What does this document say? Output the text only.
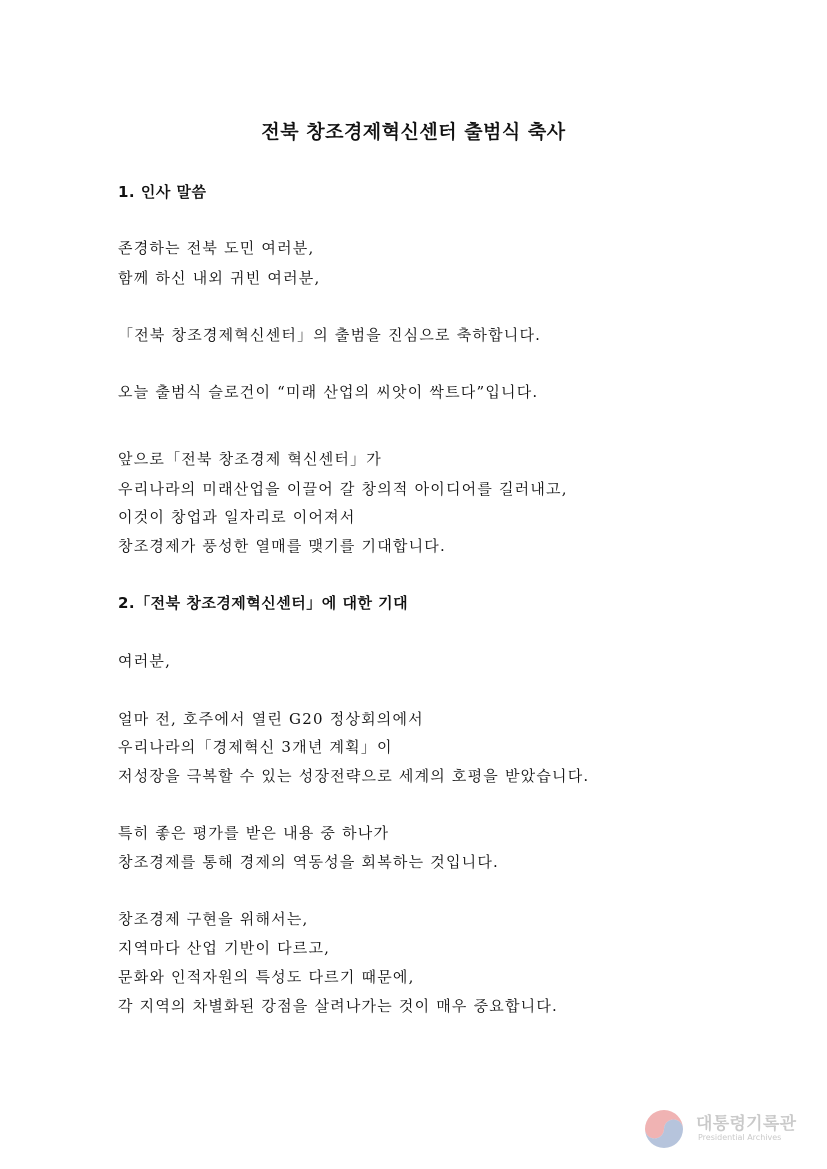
전북 창조경제혁신센터 출범식 축사
1. 인사 말씀
존경하는 전북 도민 여러분,
함께 하신 내외 귀빈 여러분,
「전북 창조경제혁신센터」의 출범을 진심으로 축하합니다.
오늘 출범식 슬로건이 “미래 산업의 씨앗이 싹트다”입니다.
앞으로「전북 창조경제 혁신센터」가
우리나라의 미래산업을 이끌어 갈 창의적 아이디어를 길러내고,
이것이 창업과 일자리로 이어져서
창조경제가 풍성한 열매를 맺기를 기대합니다.
2.「전북 창조경제혁신센터」에 대한 기대
여러분,
얼마 전, 호주에서 열린 G20 정상회의에서
우리나라의「경제혁신 3개년 계획」이
저성장을 극복할 수 있는 성장전략으로 세계의 호평을 받았습니다.
특히 좋은 평가를 받은 내용 중 하나가
창조경제를 통해 경제의 역동성을 회복하는 것입니다.
창조경제 구현을 위해서는,
지역마다 산업 기반이 다르고,
문화와 인적자원의 특성도 다르기 때문에,
각 지역의 차별화된 강점을 살려나가는 것이 매우 중요합니다.
대통령기록관
Presidential Archives
